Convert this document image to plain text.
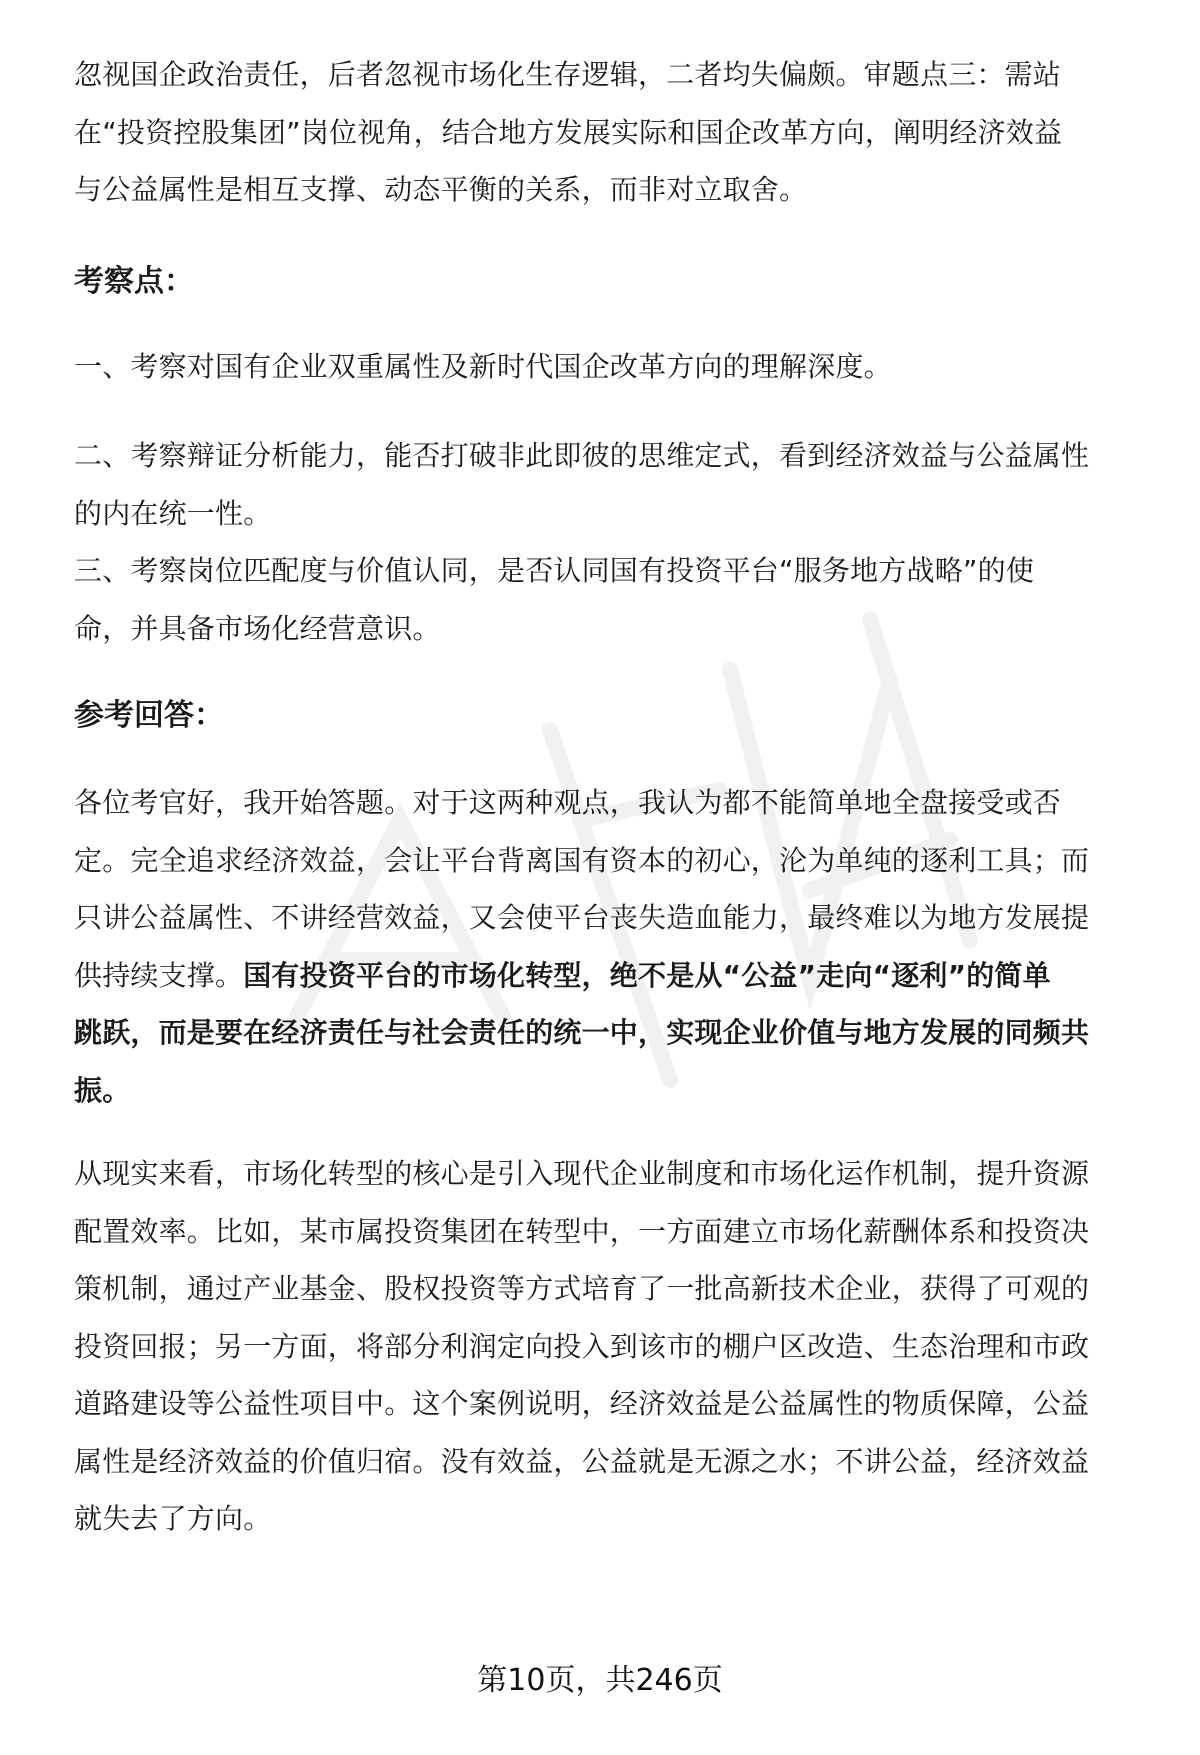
忽视国企政治责任，后者忽视市场化生存逻辑，二者均失偏颇。审题点三：需站

在“投资控股集团”岗位视角，结合地方发展实际和国企改革方向，阐明经济效益

与公益属性是相互支撑、动态平衡的关系，而非对立取舍。

考察点：

一、考察对国有企业双重属性及新时代国企改革方向的理解深度。

二、考察辩证分析能力，能否打破非此即彼的思维定式，看到经济效益与公益属性

的内在统一性。

三、考察岗位匹配度与价值认同，是否认同国有投资平台“服务地方战略”的使

命，并具备市场化经营意识。

参考回答：

各位考官好，我开始答题。对于这两种观点，我认为都不能简单地全盘接受或否

定。完全追求经济效益，会让平台背离国有资本的初心，沦为单纯的逐利工具；而

只讲公益属性、不讲经营效益，又会使平台丧失造血能力，最终难以为地方发展提

供持续支撑。国有投资平台的市场化转型，绝不是从“公益”走向“逐利”的简单

跳跃，而是要在经济责任与社会责任的统一中，实现企业价值与地方发展的同频共

振。

从现实来看，市场化转型的核心是引入现代企业制度和市场化运作机制，提升资源

配置效率。比如，某市属投资集团在转型中，一方面建立市场化薪酬体系和投资决

策机制，通过产业基金、股权投资等方式培育了一批高新技术企业，获得了可观的

投资回报；另一方面，将部分利润定向投入到该市的棚户区改造、生态治理和市政

道路建设等公益性项目中。这个案例说明，经济效益是公益属性的物质保障，公益

属性是经济效益的价值归宿。没有效益，公益就是无源之水；不讲公益，经济效益

就失去了方向。

第10页，共246页
